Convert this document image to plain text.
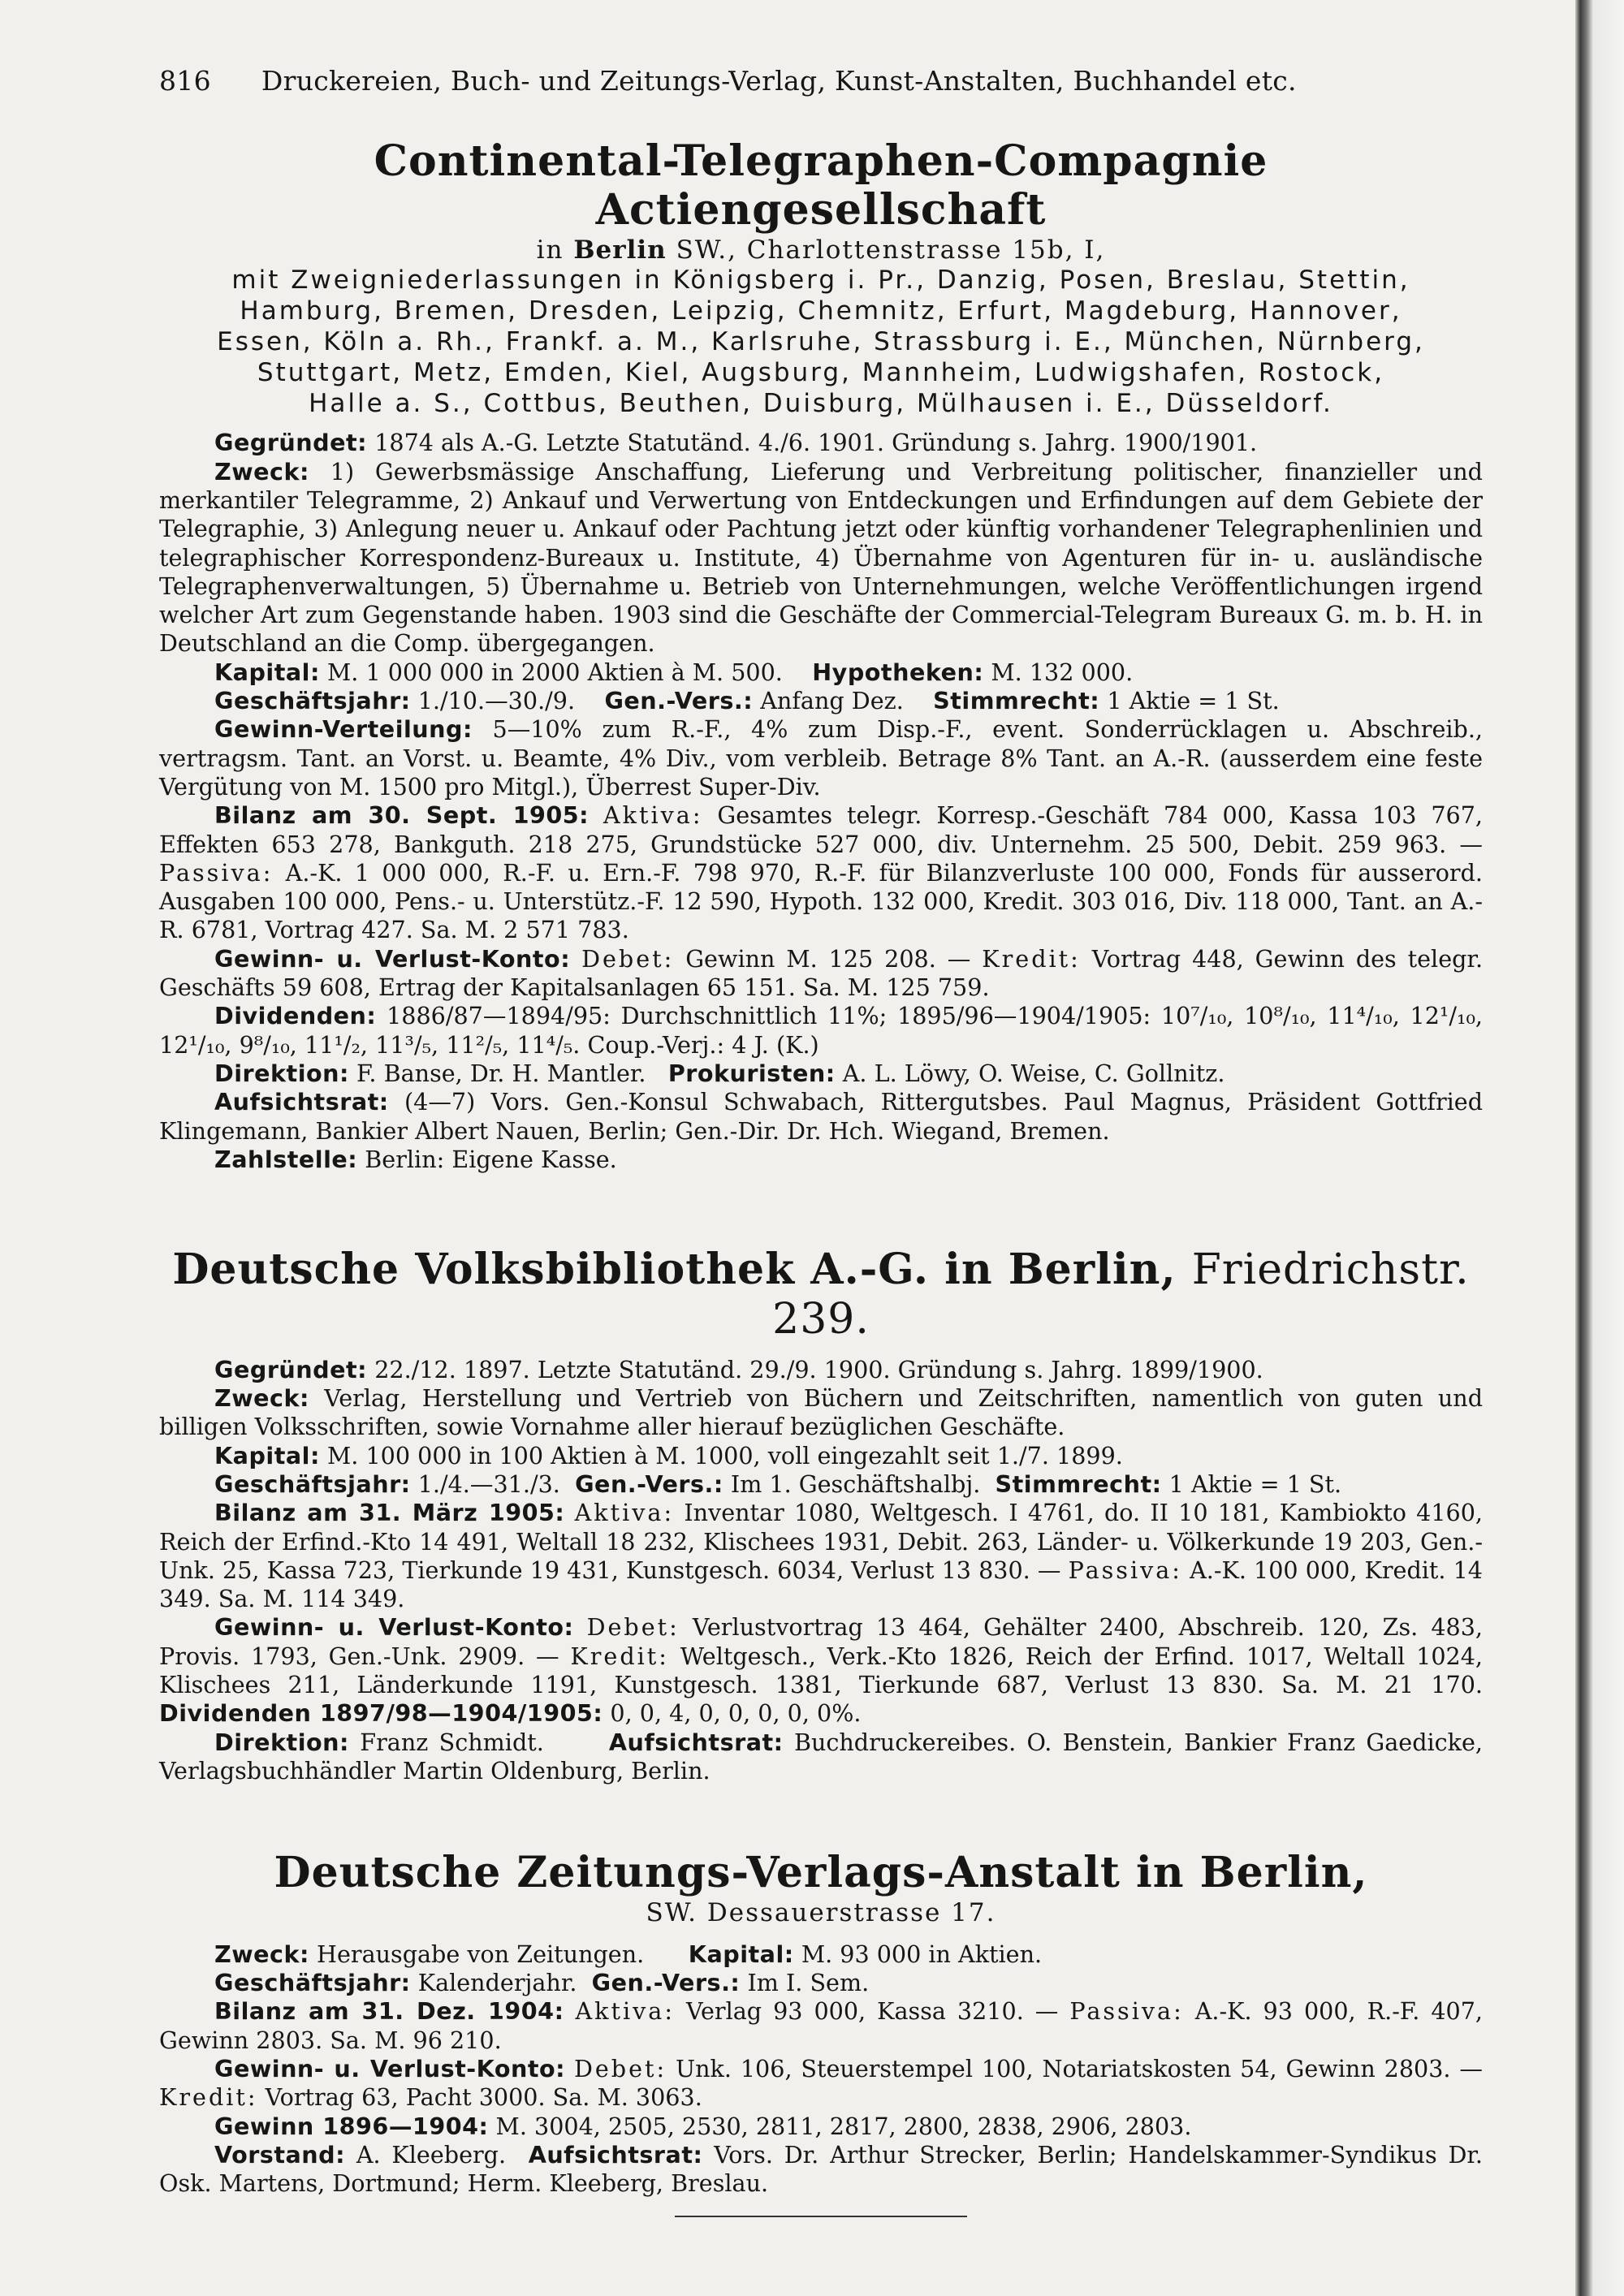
816 Druckereien, Buch- und Zeitungs-Verlag, Kunst-Anstalten, Buchhandel etc.
Continental-Telegraphen-Compagnie Actiengesellschaft
in Berlin SW., Charlottenstrasse 15b, I,
mit Zweigniederlassungen in Königsberg i. Pr., Danzig, Posen, Breslau, Stettin,
Hamburg, Bremen, Dresden, Leipzig, Chemnitz, Erfurt, Magdeburg, Hannover,
Essen, Köln a. Rh., Frankf. a. M., Karlsruhe, Strassburg i. E., München, Nürnberg,
Stuttgart, Metz, Emden, Kiel, Augsburg, Mannheim, Ludwigshafen, Rostock,
Halle a. S., Cottbus, Beuthen, Duisburg, Mülhausen i. E., Düsseldorf.

Gegründet: 1874 als A.-G. Letzte Statutänd. 4./6. 1901. Gründung s. Jahrg. 1900/1901.

Zweck: 1) Gewerbsmässige Anschaffung, Lieferung und Verbreitung politischer, finanzieller und merkantiler Telegramme, 2) Ankauf und Verwertung von Entdeckungen und Erfindungen auf dem Gebiete der Telegraphie, 3) Anlegung neuer u. Ankauf oder Pachtung jetzt oder künftig vorhandener Telegraphenlinien und telegraphischer Korrespondenz-Bureaux u. Institute, 4) Übernahme von Agenturen für in- u. ausländische Telegraphenverwaltungen, 5) Übernahme u. Betrieb von Unternehmungen, welche Veröffentlichungen irgend welcher Art zum Gegenstande haben. 1903 sind die Geschäfte der Commercial-Telegram Bureaux G. m. b. H. in Deutschland an die Comp. übergegangen.

Kapital: M. 1 000 000 in 2000 Aktien à M. 500. Hypotheken: M. 132 000.

Geschäftsjahr: 1./10.—30./9. Gen.-Vers.: Anfang Dez. Stimmrecht: 1 Aktie = 1 St.

Gewinn-Verteilung: 5—10% zum R.-F., 4% zum Disp.-F., event. Sonderrücklagen u. Abschreib., vertragsm. Tant. an Vorst. u. Beamte, 4% Div., vom verbleib. Betrage 8% Tant. an A.-R. (ausserdem eine feste Vergütung von M. 1500 pro Mitgl.), Überrest Super-Div.

Bilanz am 30. Sept. 1905: Aktiva: Gesamtes telegr. Korresp.-Geschäft 784 000, Kassa 103 767, Effekten 653 278, Bankguth. 218 275, Grundstücke 527 000, div. Unternehm. 25 500, Debit. 259 963. — Passiva: A.-K. 1 000 000, R.-F. u. Ern.-F. 798 970, R.-F. für Bilanzverluste 100 000, Fonds für ausserord. Ausgaben 100 000, Pens.- u. Unterstütz.-F. 12 590, Hypoth. 132 000, Kredit. 303 016, Div. 118 000, Tant. an A.-R. 6781, Vortrag 427. Sa. M. 2 571 783.

Gewinn- u. Verlust-Konto: Debet: Gewinn M. 125 208. — Kredit: Vortrag 448, Gewinn des telegr. Geschäfts 59 608, Ertrag der Kapitalsanlagen 65 151. Sa. M. 125 759.

Dividenden: 1886/87—1894/95: Durchschnittlich 11%; 1895/96—1904/1905: 10⁷/₁₀, 10⁸/₁₀, 11⁴/₁₀, 12¹/₁₀, 12¹/₁₀, 9⁸/₁₀, 11¹/₂, 11³/₅, 11²/₅, 11⁴/₅. Coup.-Verj.: 4 J. (K.)

Direktion: F. Banse, Dr. H. Mantler. Prokuristen: A. L. Löwy, O. Weise, C. Gollnitz.

Aufsichtsrat: (4—7) Vors. Gen.-Konsul Schwabach, Rittergutsbes. Paul Magnus, Präsident Gottfried Klingemann, Bankier Albert Nauen, Berlin; Gen.-Dir. Dr. Hch. Wiegand, Bremen.

Zahlstelle: Berlin: Eigene Kasse.

Deutsche Volksbibliothek A.-G. in Berlin, Friedrichstr. 239.

Gegründet: 22./12. 1897. Letzte Statutänd. 29./9. 1900. Gründung s. Jahrg. 1899/1900.

Zweck: Verlag, Herstellung und Vertrieb von Büchern und Zeitschriften, namentlich von guten und billigen Volksschriften, sowie Vornahme aller hierauf bezüglichen Geschäfte.

Kapital: M. 100 000 in 100 Aktien à M. 1000, voll eingezahlt seit 1./7. 1899.

Geschäftsjahr: 1./4.—31./3. Gen.-Vers.: Im 1. Geschäftshalbj. Stimmrecht: 1 Aktie = 1 St.

Bilanz am 31. März 1905: Aktiva: Inventar 1080, Weltgesch. I 4761, do. II 10 181, Kambiokto 4160, Reich der Erfind.-Kto 14 491, Weltall 18 232, Klischees 1931, Debit. 263, Länder- u. Völkerkunde 19 203, Gen.-Unk. 25, Kassa 723, Tierkunde 19 431, Kunstgesch. 6034, Verlust 13 830. — Passiva: A.-K. 100 000, Kredit. 14 349. Sa. M. 114 349.

Gewinn- u. Verlust-Konto: Debet: Verlustvortrag 13 464, Gehälter 2400, Abschreib. 120, Zs. 483, Provis. 1793, Gen.-Unk. 2909. — Kredit: Weltgesch., Verk.-Kto 1826, Reich der Erfind. 1017, Weltall 1024, Klischees 211, Länderkunde 1191, Kunstgesch. 1381, Tierkunde 687, Verlust 13 830. Sa. M. 21 170. Dividenden 1897/98—1904/1905: 0, 0, 4, 0, 0, 0, 0, 0%.

Direktion: Franz Schmidt.	Aufsichtsrat: Buchdruckereibes. O. Benstein, Bankier Franz Gaedicke, Verlagsbuchhändler Martin Oldenburg, Berlin.

Deutsche Zeitungs-Verlags-Anstalt in Berlin,
SW. Dessauerstrasse 17.

Zweck: Herausgabe von Zeitungen. Kapital: M. 93 000 in Aktien.

Geschäftsjahr: Kalenderjahr. Gen.-Vers.: Im I. Sem.

Bilanz am 31. Dez. 1904: Aktiva: Verlag 93 000, Kassa 3210. — Passiva: A.-K. 93 000, R.-F. 407, Gewinn 2803. Sa. M. 96 210.

Gewinn- u. Verlust-Konto: Debet: Unk. 106, Steuerstempel 100, Notariatskosten 54, Gewinn 2803. — Kredit: Vortrag 63, Pacht 3000. Sa. M. 3063.

Gewinn 1896—1904: M. 3004, 2505, 2530, 2811, 2817, 2800, 2838, 2906, 2803.

Vorstand: A. Kleeberg. Aufsichtsrat: Vors. Dr. Arthur Strecker, Berlin; Handelskammer-Syndikus Dr. Osk. Martens, Dortmund; Herm. Kleeberg, Breslau.
